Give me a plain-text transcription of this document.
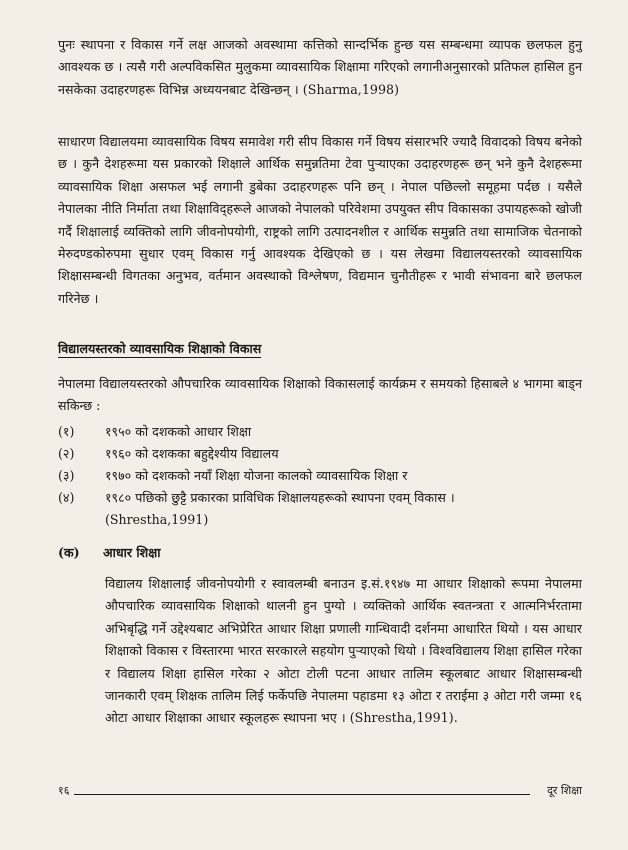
पुनः स्थापना र विकास गर्ने लक्ष आजको अवस्थामा कत्तिको सान्दर्भिक हुन्छ यस सम्बन्धमा व्यापक छलफल हुनु आवश्यक छ । त्यसै गरी अल्पविकसित मुलुकमा व्यावसायिक शिक्षामा गरिएको लगानीअनुसारको प्रतिफल हासिल हुन नसकेका उदाहरणहरू विभिन्न अध्ययनबाट देखिन्छन् । (Sharma,1998)

साधारण विद्यालयमा व्यावसायिक विषय समावेश गरी सीप विकास गर्ने विषय संसारभरि ज्यादै विवादको विषय बनेको छ । कुनै देशहरूमा यस प्रकारको शिक्षाले आर्थिक समुन्नतिमा टेवा पुऱ्याएका उदाहरणहरू छन् भने कुनै देशहरूमा व्यावसायिक शिक्षा असफल भई लगानी डुबेका उदाहरणहरू पनि छन् । नेपाल पछिल्लो समूहमा पर्दछ । यसैले नेपालका नीति निर्माता तथा शिक्षाविद्हरूले आजको नेपालको परिवेशमा उपयुक्त सीप विकासका उपायहरूको खोजी गर्दै शिक्षालाई व्यक्तिको लागि जीवनोपयोगी, राष्ट्रको लागि उत्पादनशील र आर्थिक समुन्नति तथा सामाजिक चेतनाको मेरुदण्डकोरुपमा सुधार एवम् विकास गर्नु आवश्यक देखिएको छ । यस लेखमा विद्यालयस्तरको व्यावसायिक शिक्षासम्बन्धी विगतका अनुभव, वर्तमान अवस्थाको विश्लेषण, विद्यमान चुनौतीहरू र भावी संभावना बारे छलफल गरिनेछ ।

विद्यालयस्तरको व्यावसायिक शिक्षाको विकास

नेपालमा विद्यालयस्तरको औपचारिक व्यावसायिक शिक्षाको विकासलाई कार्यक्रम र समयको हिसाबले ४ भागमा बाड्न सकिन्छ :

(१) १९५० को दशकको आधार शिक्षा
(२) १९६० को दशकका बहुद्देश्यीय विद्यालय
(३) १९७० को दशकको नयाँ शिक्षा योजना कालको व्यावसायिक शिक्षा र
(४) १९८० पछिको छुट्टै प्रकारका प्राविधिक शिक्षालयहरूको स्थापना एवम् विकास ।
(Shrestha,1991)
(क) आधार शिक्षा

विद्यालय शिक्षालाई जीवनोपयोगी र स्वावलम्बी बनाउन इ.सं.१९४७ मा आधार शिक्षाको रूपमा नेपालमा औपचारिक व्यावसायिक शिक्षाको थालनी हुन पुग्यो । व्यक्तिको आर्थिक स्वतन्त्रता र आत्मनिर्भरतामा अभिबृद्धि गर्ने उद्देश्यबाट अभिप्रेरित आधार शिक्षा प्रणाली गान्धिवादी दर्शनमा आधारित थियो । यस आधार शिक्षाको विकास र विस्तारमा भारत सरकारले सहयोग पुऱ्याएको थियो । विश्वविद्यालय शिक्षा हासिल गरेका र विद्यालय शिक्षा हासिल गरेका २ ओटा टोली पटना आधार तालिम स्कूलबाट आधार शिक्षासम्बन्धी जानकारी एवम् शिक्षक तालिम लिई फर्केपछि नेपालमा पहाडमा १३ ओटा र तराईमा ३ ओटा गरी जम्मा १६ ओटा आधार शिक्षाका आधार स्कूलहरू स्थापना भए । (Shrestha,1991).

१६	दूर शिक्षा
